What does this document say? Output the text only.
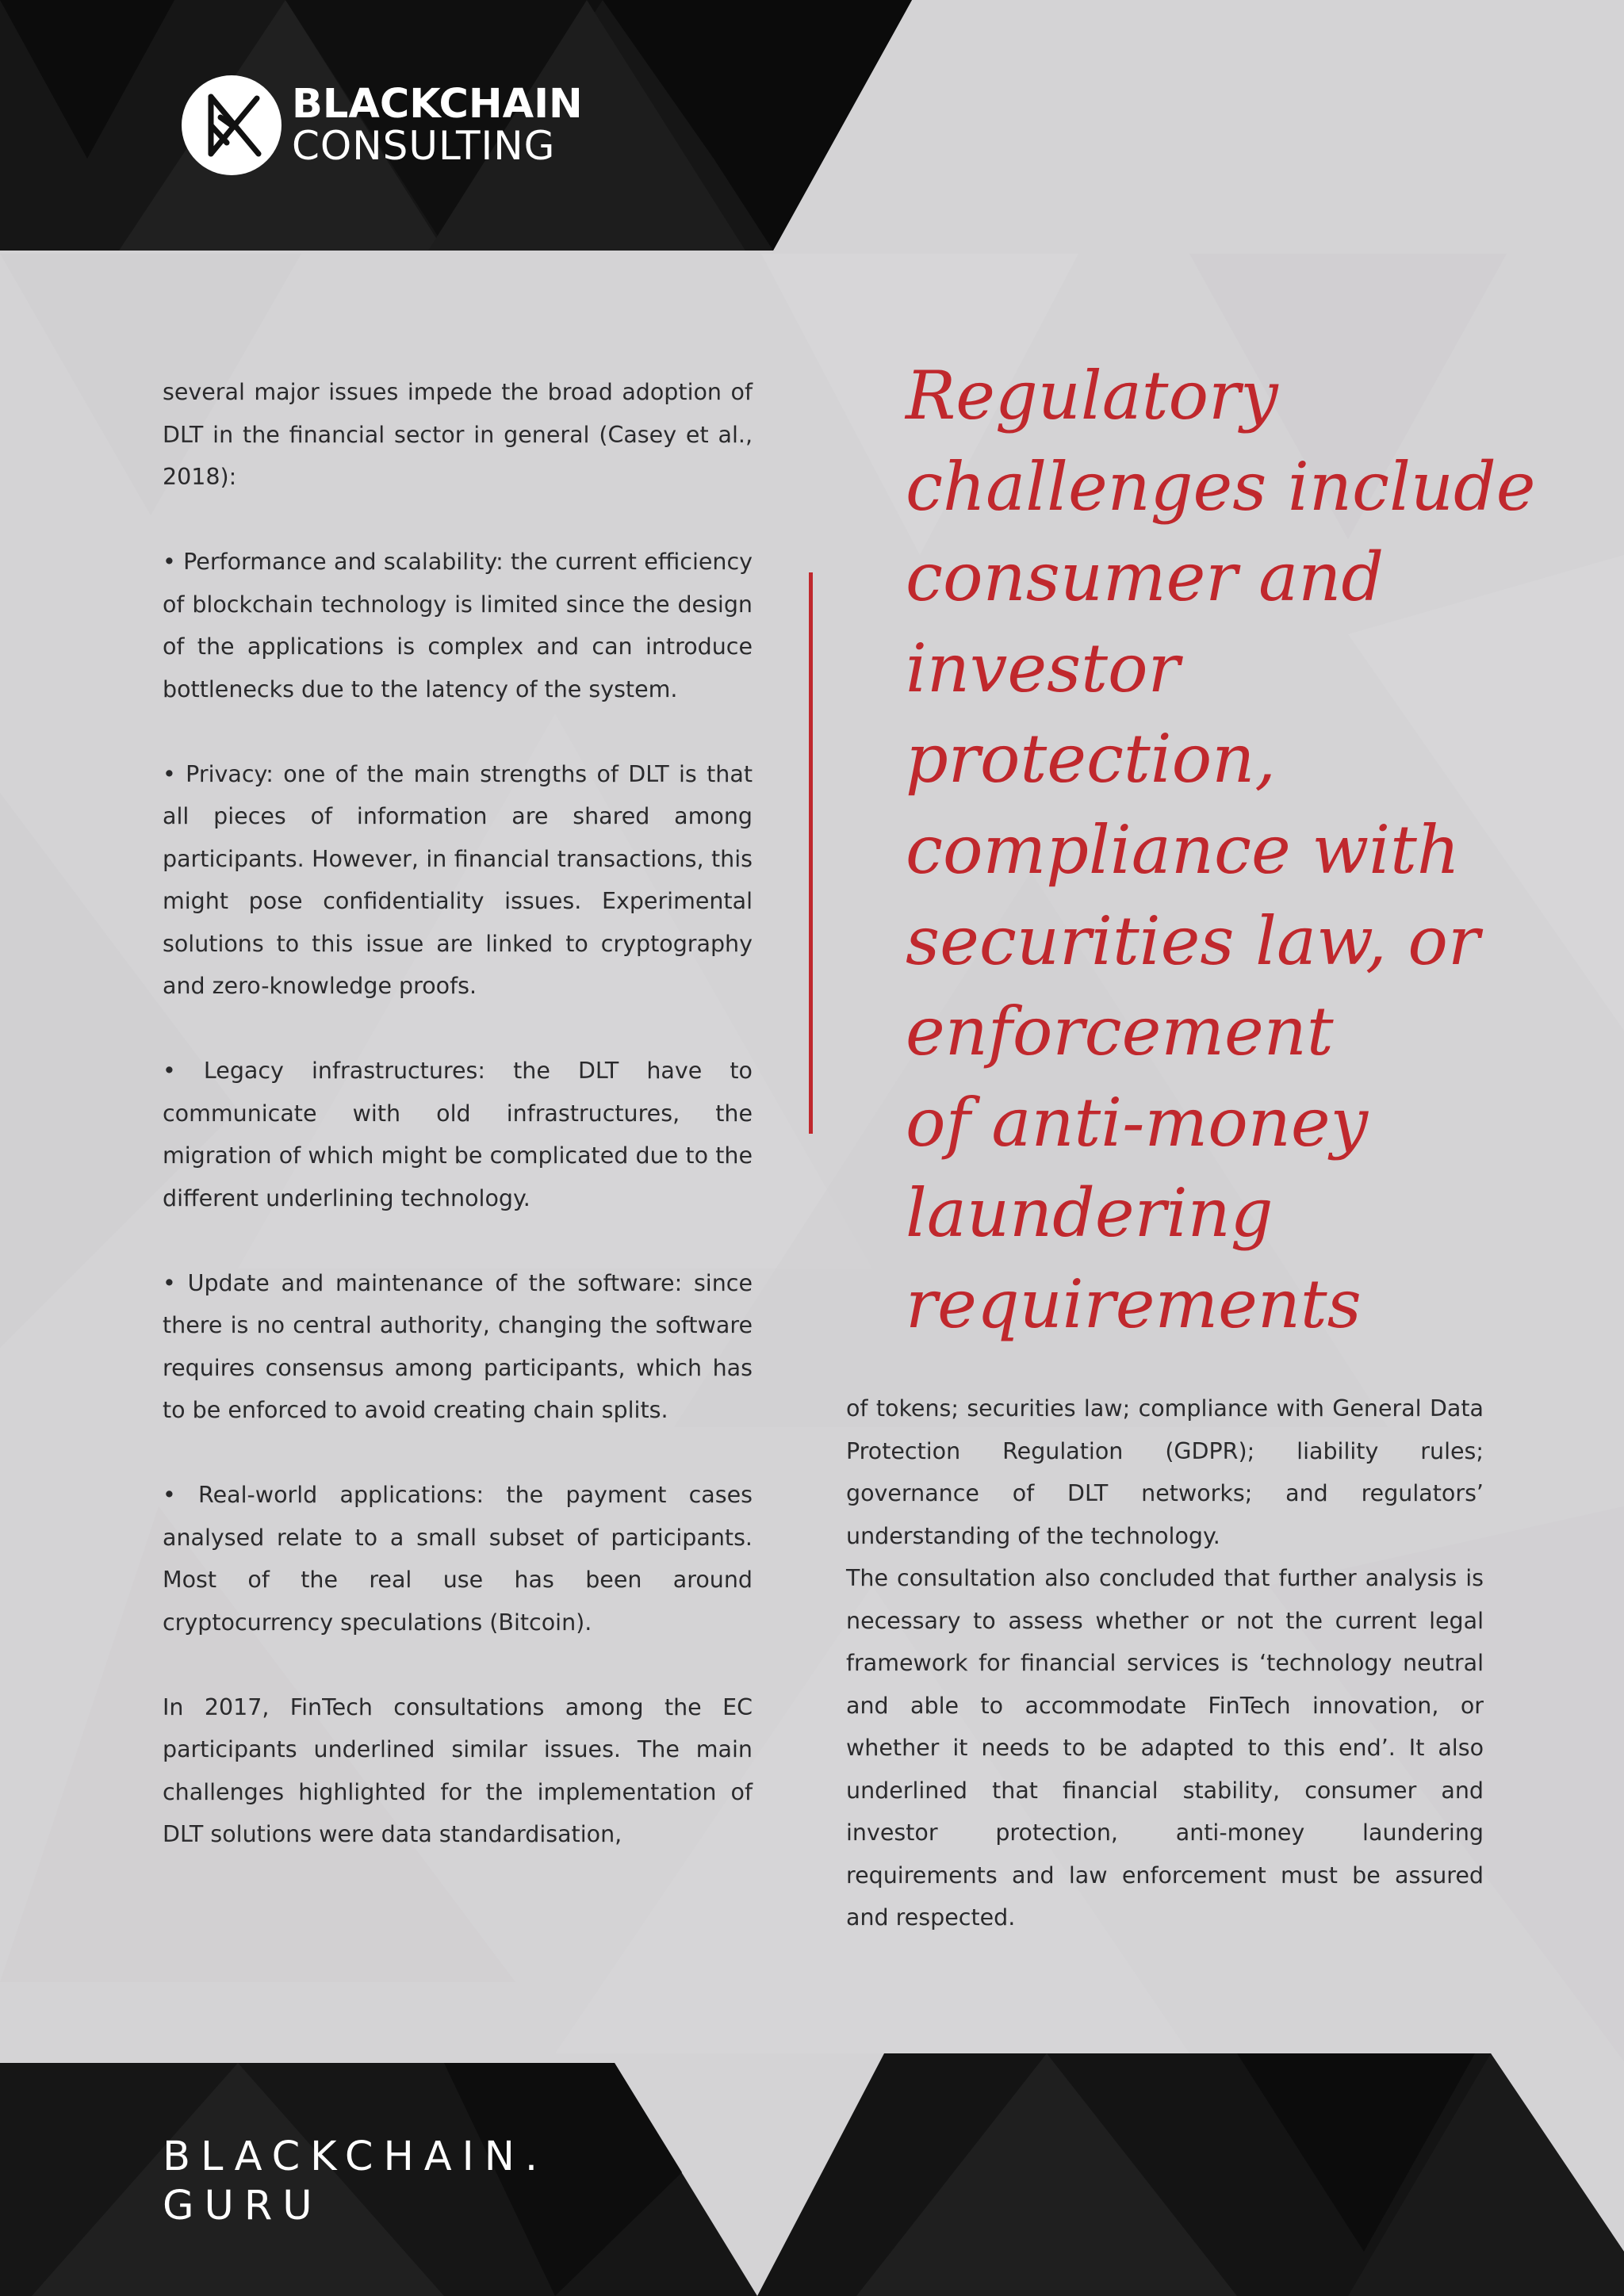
BLACKCHAIN
CONSULTING

several major issues impede the broad adoption of DLT in the financial sector in general (Casey et al., 2018):

• Performance and scalability: the current efficiency of blockchain technology is limited since the design of the applications is complex and can introduce bottlenecks due to the latency of the system.

• Privacy: one of the main strengths of DLT is that all pieces of information are shared among participants. However, in financial transactions, this might pose confidentiality issues. Experimental solutions to this issue are linked to cryptography and zero-knowledge proofs.

• Legacy infrastructures: the DLT have to communicate with old infrastructures, the migration of which might be complicated due to the different underlining technology.

• Update and maintenance of the software: since there is no central authority, changing the software requires consensus among participants, which has to be enforced to avoid creating chain splits.

• Real-world applications: the payment cases analysed relate to a small subset of participants. Most of the real use has been around cryptocurrency speculations (Bitcoin).

In 2017, FinTech consultations among the EC participants underlined similar issues. The main challenges highlighted for the implementation of DLT solutions were data standardisation,

Regulatory
challenges include
consumer and
investor
protection,
compliance with
securities law, or
enforcement
of anti-money
laundering
requirements

of tokens; securities law; compliance with General Data Protection Regulation (GDPR); liability rules; governance of DLT networks; and regulators’ understanding of the technology.

The consultation also concluded that further analysis is necessary to assess whether or not the current legal framework for financial services is ‘technology neutral and able to accommodate FinTech innovation, or whether it needs to be adapted to this end’. It also underlined that financial stability, consumer and investor protection, anti-money laundering requirements and law enforcement must be assured and respected.

BLACKCHAIN.
GURU
